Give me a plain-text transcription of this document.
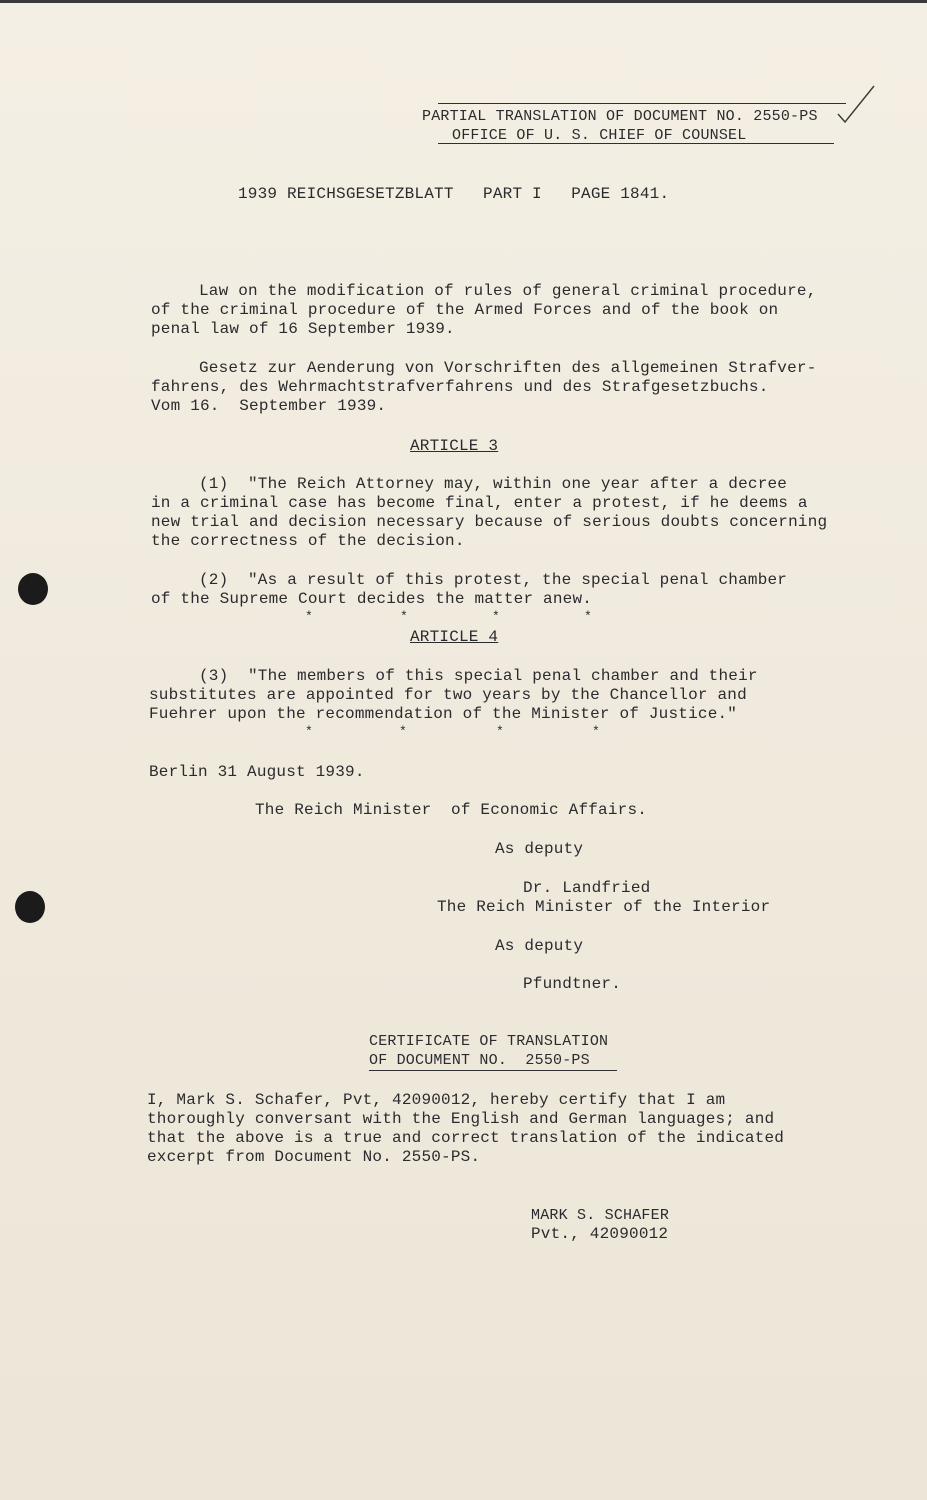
PARTIAL TRANSLATION OF DOCUMENT NO. 2550-PS
OFFICE OF U. S. CHIEF OF COUNSEL
1939 REICHSGESETZBLATT   PART I   PAGE 1841.
Law on the modification of rules of general criminal procedure,
of the criminal procedure of the Armed Forces and of the book on
penal law of 16 September 1939.
Gesetz zur Aenderung von Vorschriften des allgemeinen Strafver-
fahrens, des Wehrmachtstrafverfahrens und des Strafgesetzbuchs.
Vom 16.  September 1939.
ARTICLE 3
(1)  "The Reich Attorney may, within one year after a decree
in a criminal case has become final, enter a protest, if he deems a
new trial and decision necessary because of serious doubts concerning
the correctness of the decision.
(2)  "As a result of this protest, the special penal chamber
of the Supreme Court decides the matter anew.
*	*	*	*
ARTICLE 4
(3)  "The members of this special penal chamber and their
substitutes are appointed for two years by the Chancellor and
Fuehrer upon the recommendation of the Minister of Justice."
*	*	*	*
Berlin 31 August 1939.
The Reich Minister  of Economic Affairs.
As deputy
Dr. Landfried
The Reich Minister of the Interior
As deputy
Pfundtner.
CERTIFICATE OF TRANSLATION
OF DOCUMENT NO.  2550-PS
I, Mark S. Schafer, Pvt, 42090012, hereby certify that I am
thoroughly conversant with the English and German languages; and
that the above is a true and correct translation of the indicated
excerpt from Document No. 2550-PS.
MARK S. SCHAFER
Pvt., 42090012
